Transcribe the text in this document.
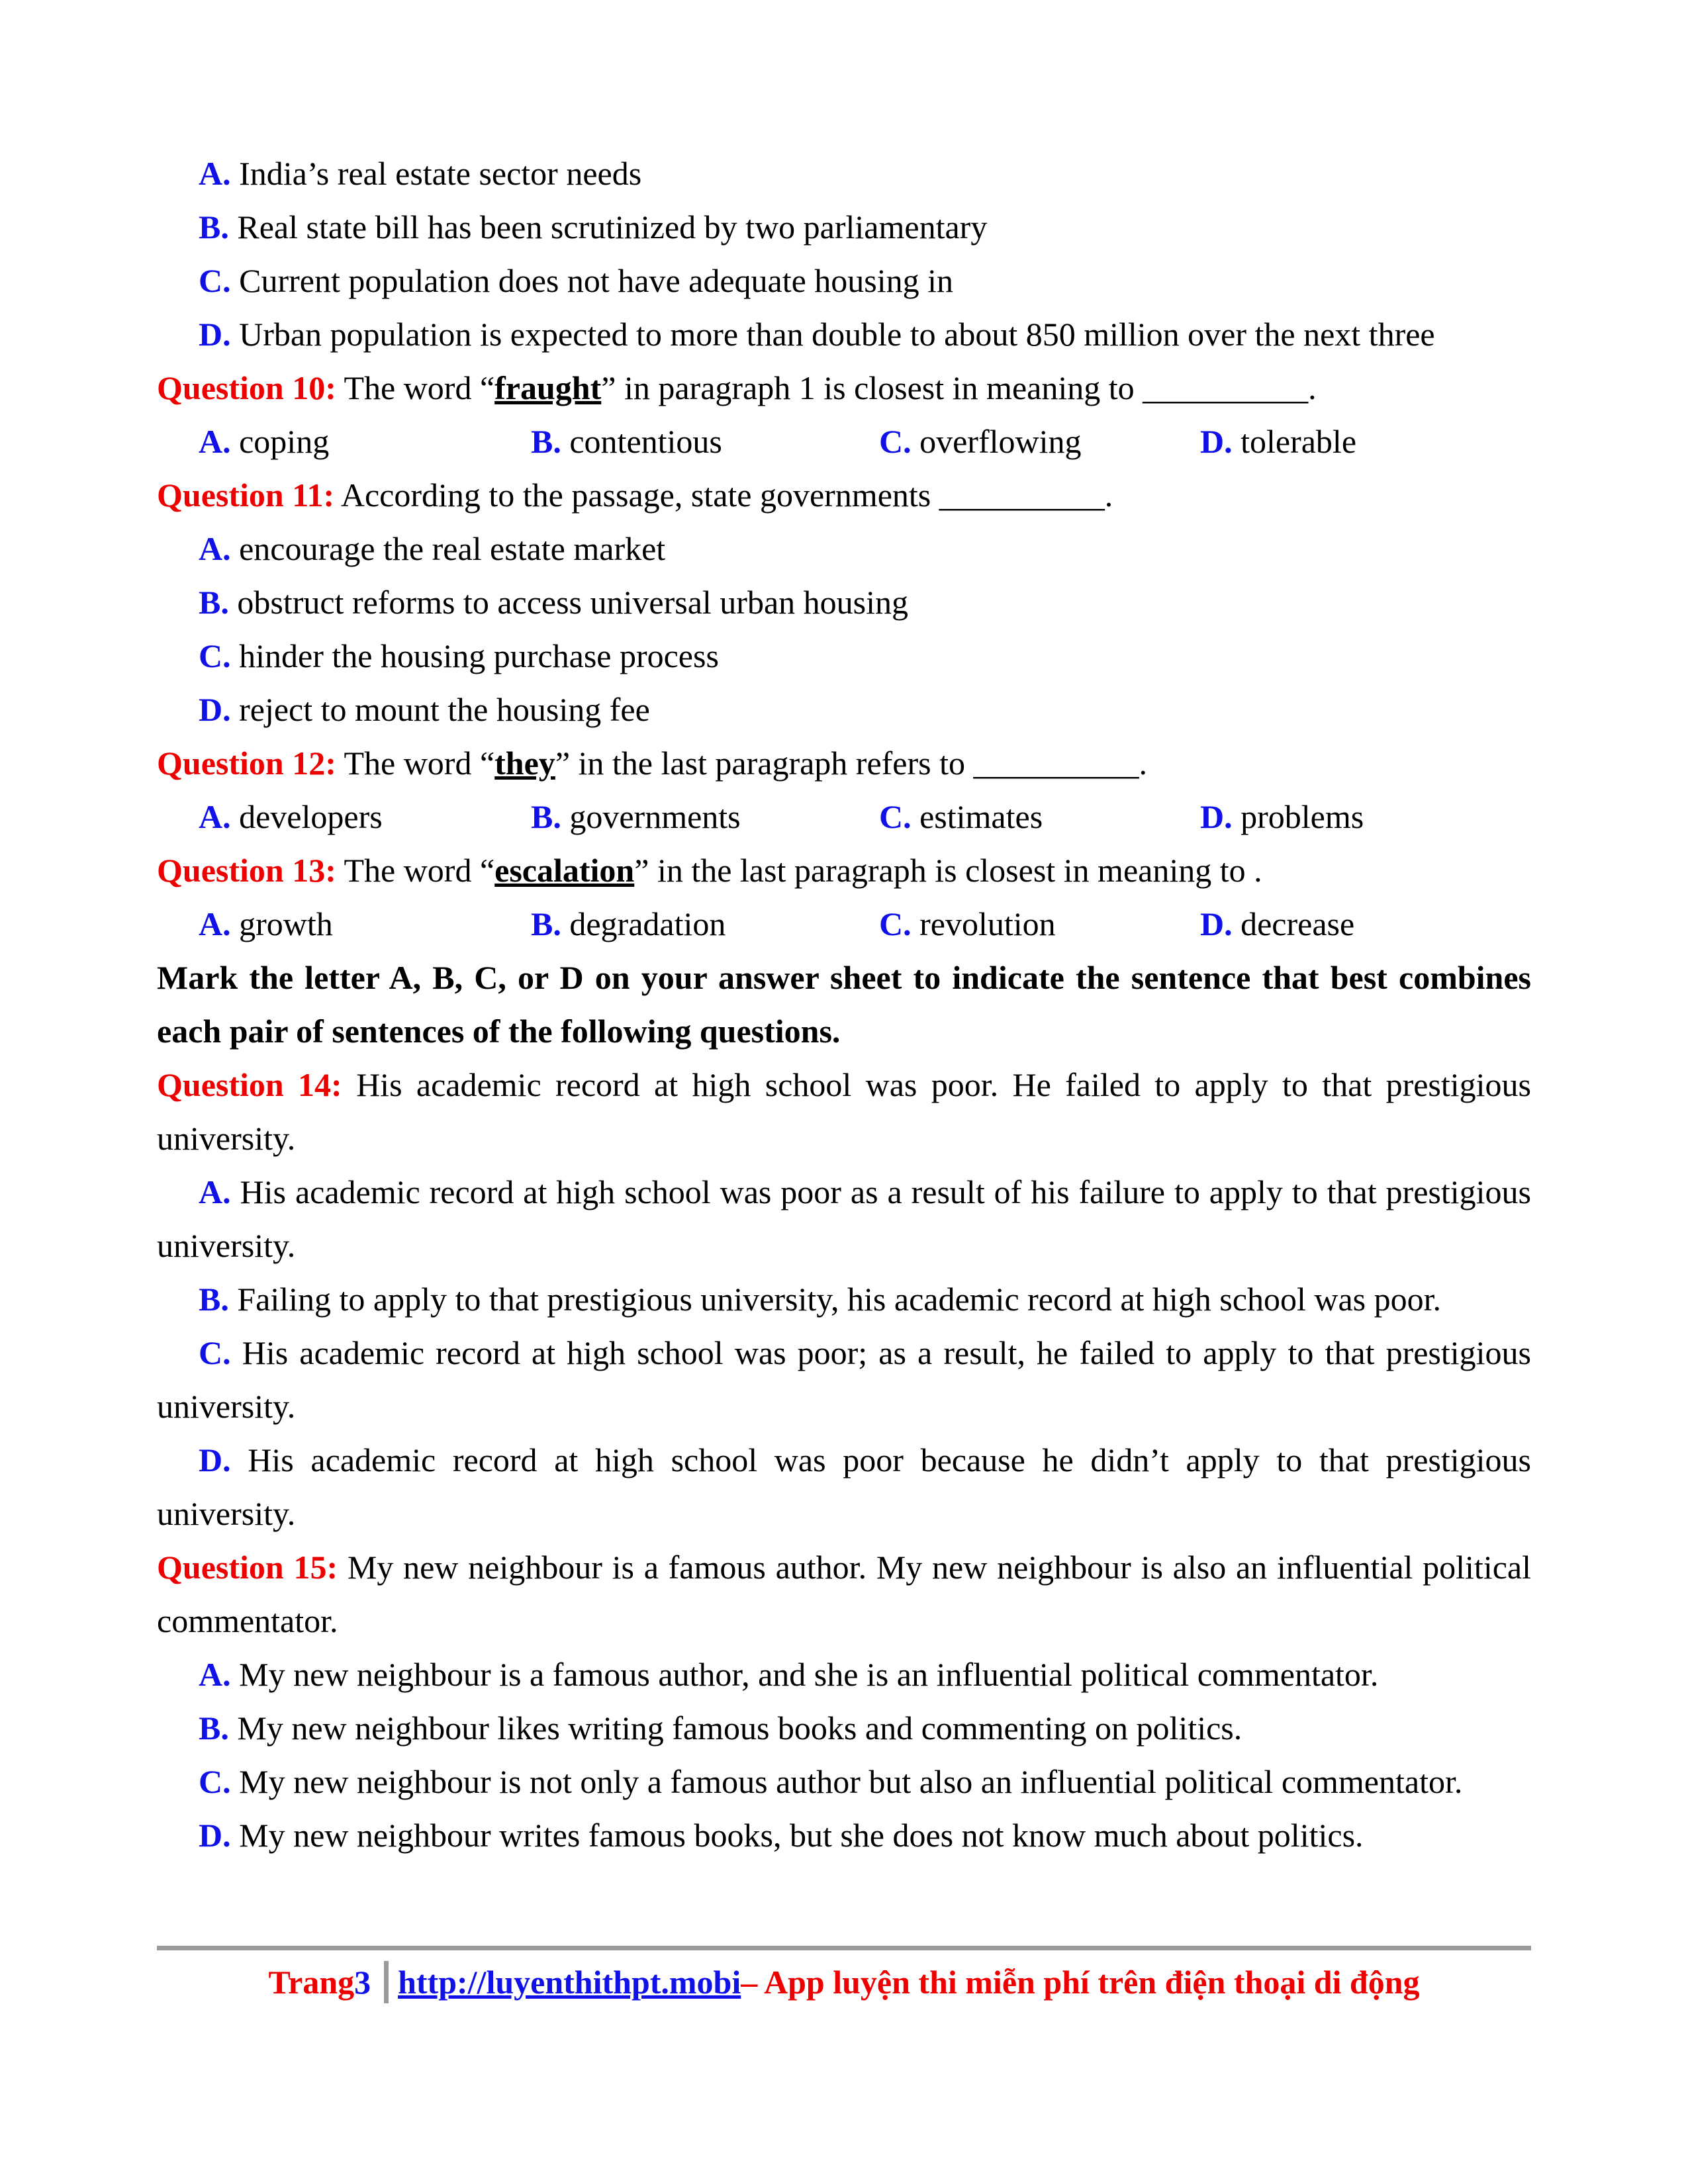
A. India’s real estate sector needs
B. Real state bill has been scrutinized by two parliamentary
C. Current population does not have adequate housing in
D. Urban population is expected to more than double to about 850 million over the next three
Question 10: The word “fraught” in paragraph 1 is closest in meaning to __________.
A. coping	B. contentious	C. overflowing	D. tolerable
Question 11: According to the passage, state governments __________.
A. encourage the real estate market
B. obstruct reforms to access universal urban housing
C. hinder the housing purchase process
D. reject to mount the housing fee
Question 12: The word “they” in the last paragraph refers to __________.
A. developers	B. governments	C. estimates	D. problems
Question 13: The word “escalation” in the last paragraph is closest in meaning to .
A. growth	B. degradation	C. revolution	D. decrease
Mark the letter A, B, C, or D on your answer sheet to indicate the sentence that best combines each pair of sentences of the following questions.
Question 14: His academic record at high school was poor. He failed to apply to that prestigious university.
A. His academic record at high school was poor as a result of his failure to apply to that prestigious university.
B. Failing to apply to that prestigious university, his academic record at high school was poor.
C. His academic record at high school was poor; as a result, he failed to apply to that prestigious university.
D. His academic record at high school was poor because he didn’t apply to that prestigious university.
Question 15: My new neighbour is a famous author. My new neighbour is also an influential political commentator.
A. My new neighbour is a famous author, and she is an influential political commentator.
B. My new neighbour likes writing famous books and commenting on politics.
C. My new neighbour is not only a famous author but also an influential political commentator.
D. My new neighbour writes famous books, but she does not know much about politics.
Trang 3 http://luyenthithpt.mobi – App luyện thi miễn phí trên điện thoại di động
